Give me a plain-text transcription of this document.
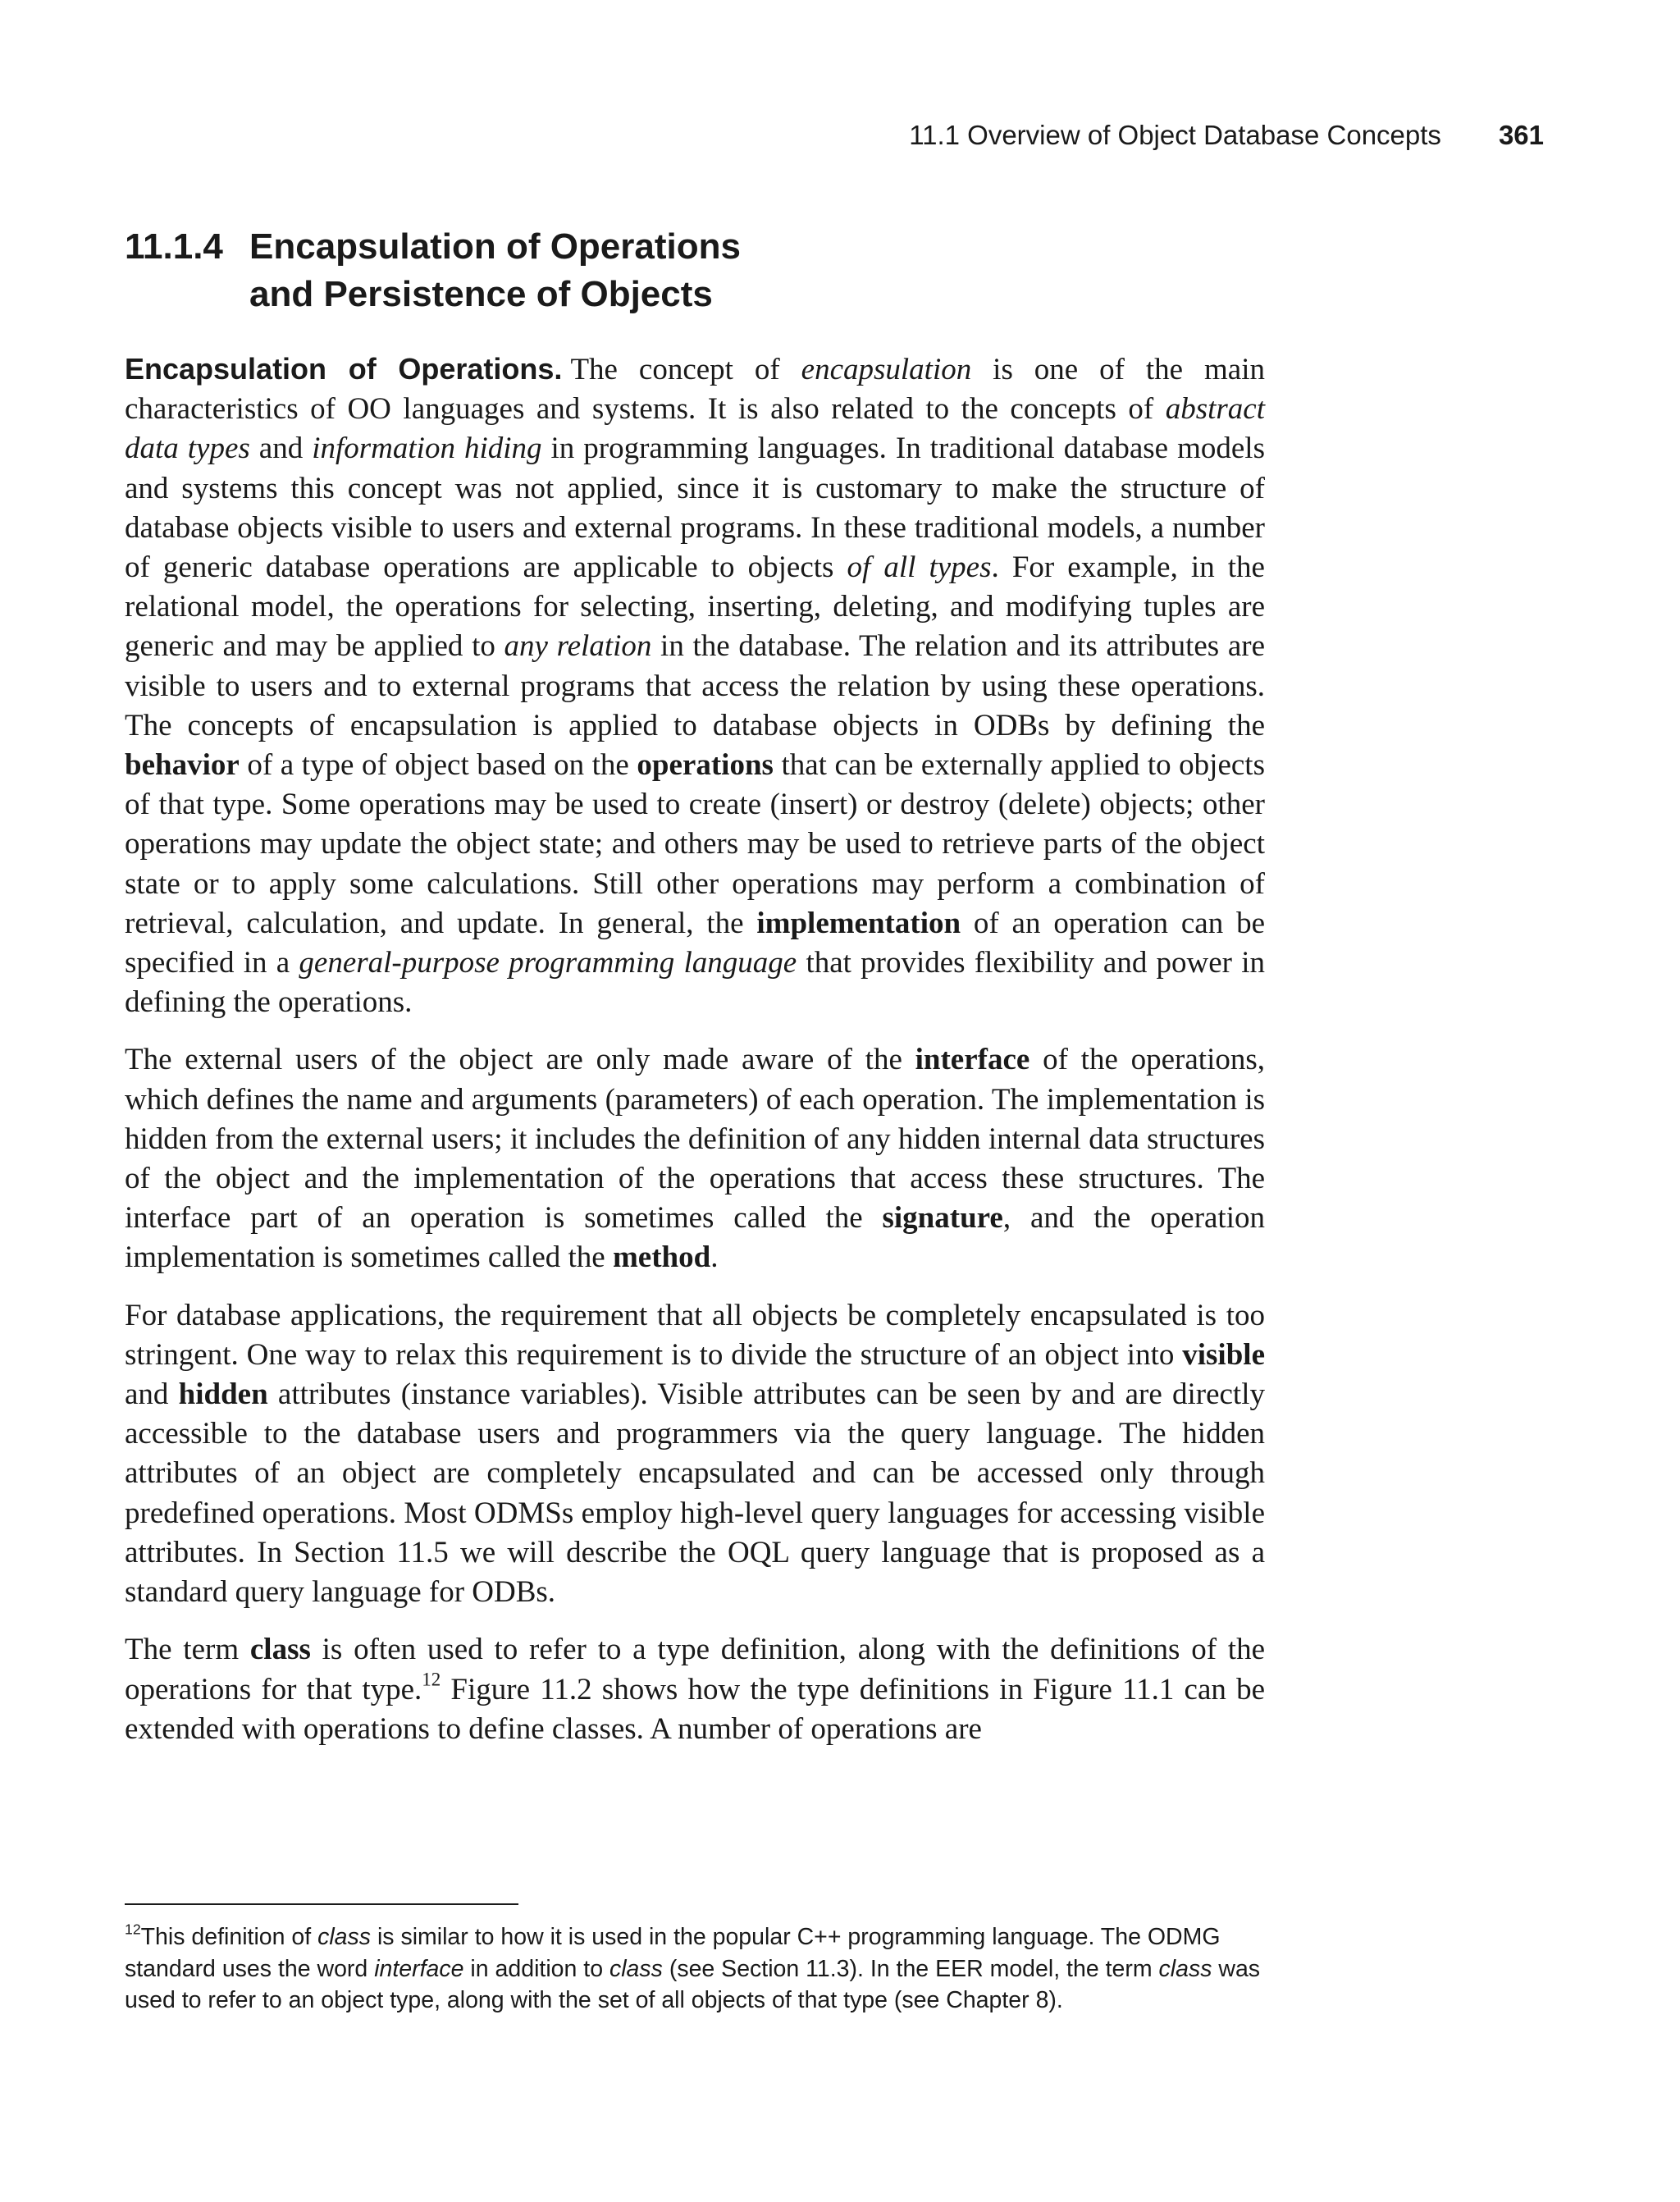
11.1 Overview of Object Database Concepts 361
11.1.4 Encapsulation of Operations
and Persistence of Objects

Encapsulation of Operations. The concept of encapsulation is one of the main characteristics of OO languages and systems. It is also related to the concepts of abstract data types and information hiding in programming languages. In traditional database models and systems this concept was not applied, since it is customary to make the structure of database objects visible to users and external programs. In these traditional models, a number of generic database operations are applicable to objects of all types. For example, in the relational model, the operations for selecting, inserting, deleting, and modifying tuples are generic and may be applied to any relation in the database. The relation and its attributes are visible to users and to external programs that access the relation by using these operations. The concepts of encapsulation is applied to database objects in ODBs by defining the behavior of a type of object based on the operations that can be externally applied to objects of that type. Some operations may be used to create (insert) or destroy (delete) objects; other operations may update the object state; and others may be used to retrieve parts of the object state or to apply some calculations. Still other operations may perform a combination of retrieval, calculation, and update. In general, the implementation of an operation can be specified in a general-purpose programming language that provides flexibility and power in defining the operations.

The external users of the object are only made aware of the interface of the operations, which defines the name and arguments (parameters) of each operation. The implementation is hidden from the external users; it includes the definition of any hidden internal data structures of the object and the implementation of the operations that access these structures. The interface part of an operation is sometimes called the signature, and the operation implementation is sometimes called the method.

For database applications, the requirement that all objects be completely encapsulated is too stringent. One way to relax this requirement is to divide the structure of an object into visible and hidden attributes (instance variables). Visible attributes can be seen by and are directly accessible to the database users and programmers via the query language. The hidden attributes of an object are completely encapsulated and can be accessed only through predefined operations. Most ODMSs employ high-level query languages for accessing visible attributes. In Section 11.5 we will describe the OQL query language that is proposed as a standard query language for ODBs.

The term class is often used to refer to a type definition, along with the definitions of the operations for that type.$^{12}$ Figure 11.2 shows how the type definitions in Figure 11.1 can be extended with operations to define classes. A number of operations are

$^{12}$This definition of class is similar to how it is used in the popular C++ programming language. The ODMG standard uses the word interface in addition to class (see Section 11.3). In the EER model, the term class was used to refer to an object type, along with the set of all objects of that type (see Chapter 8).
